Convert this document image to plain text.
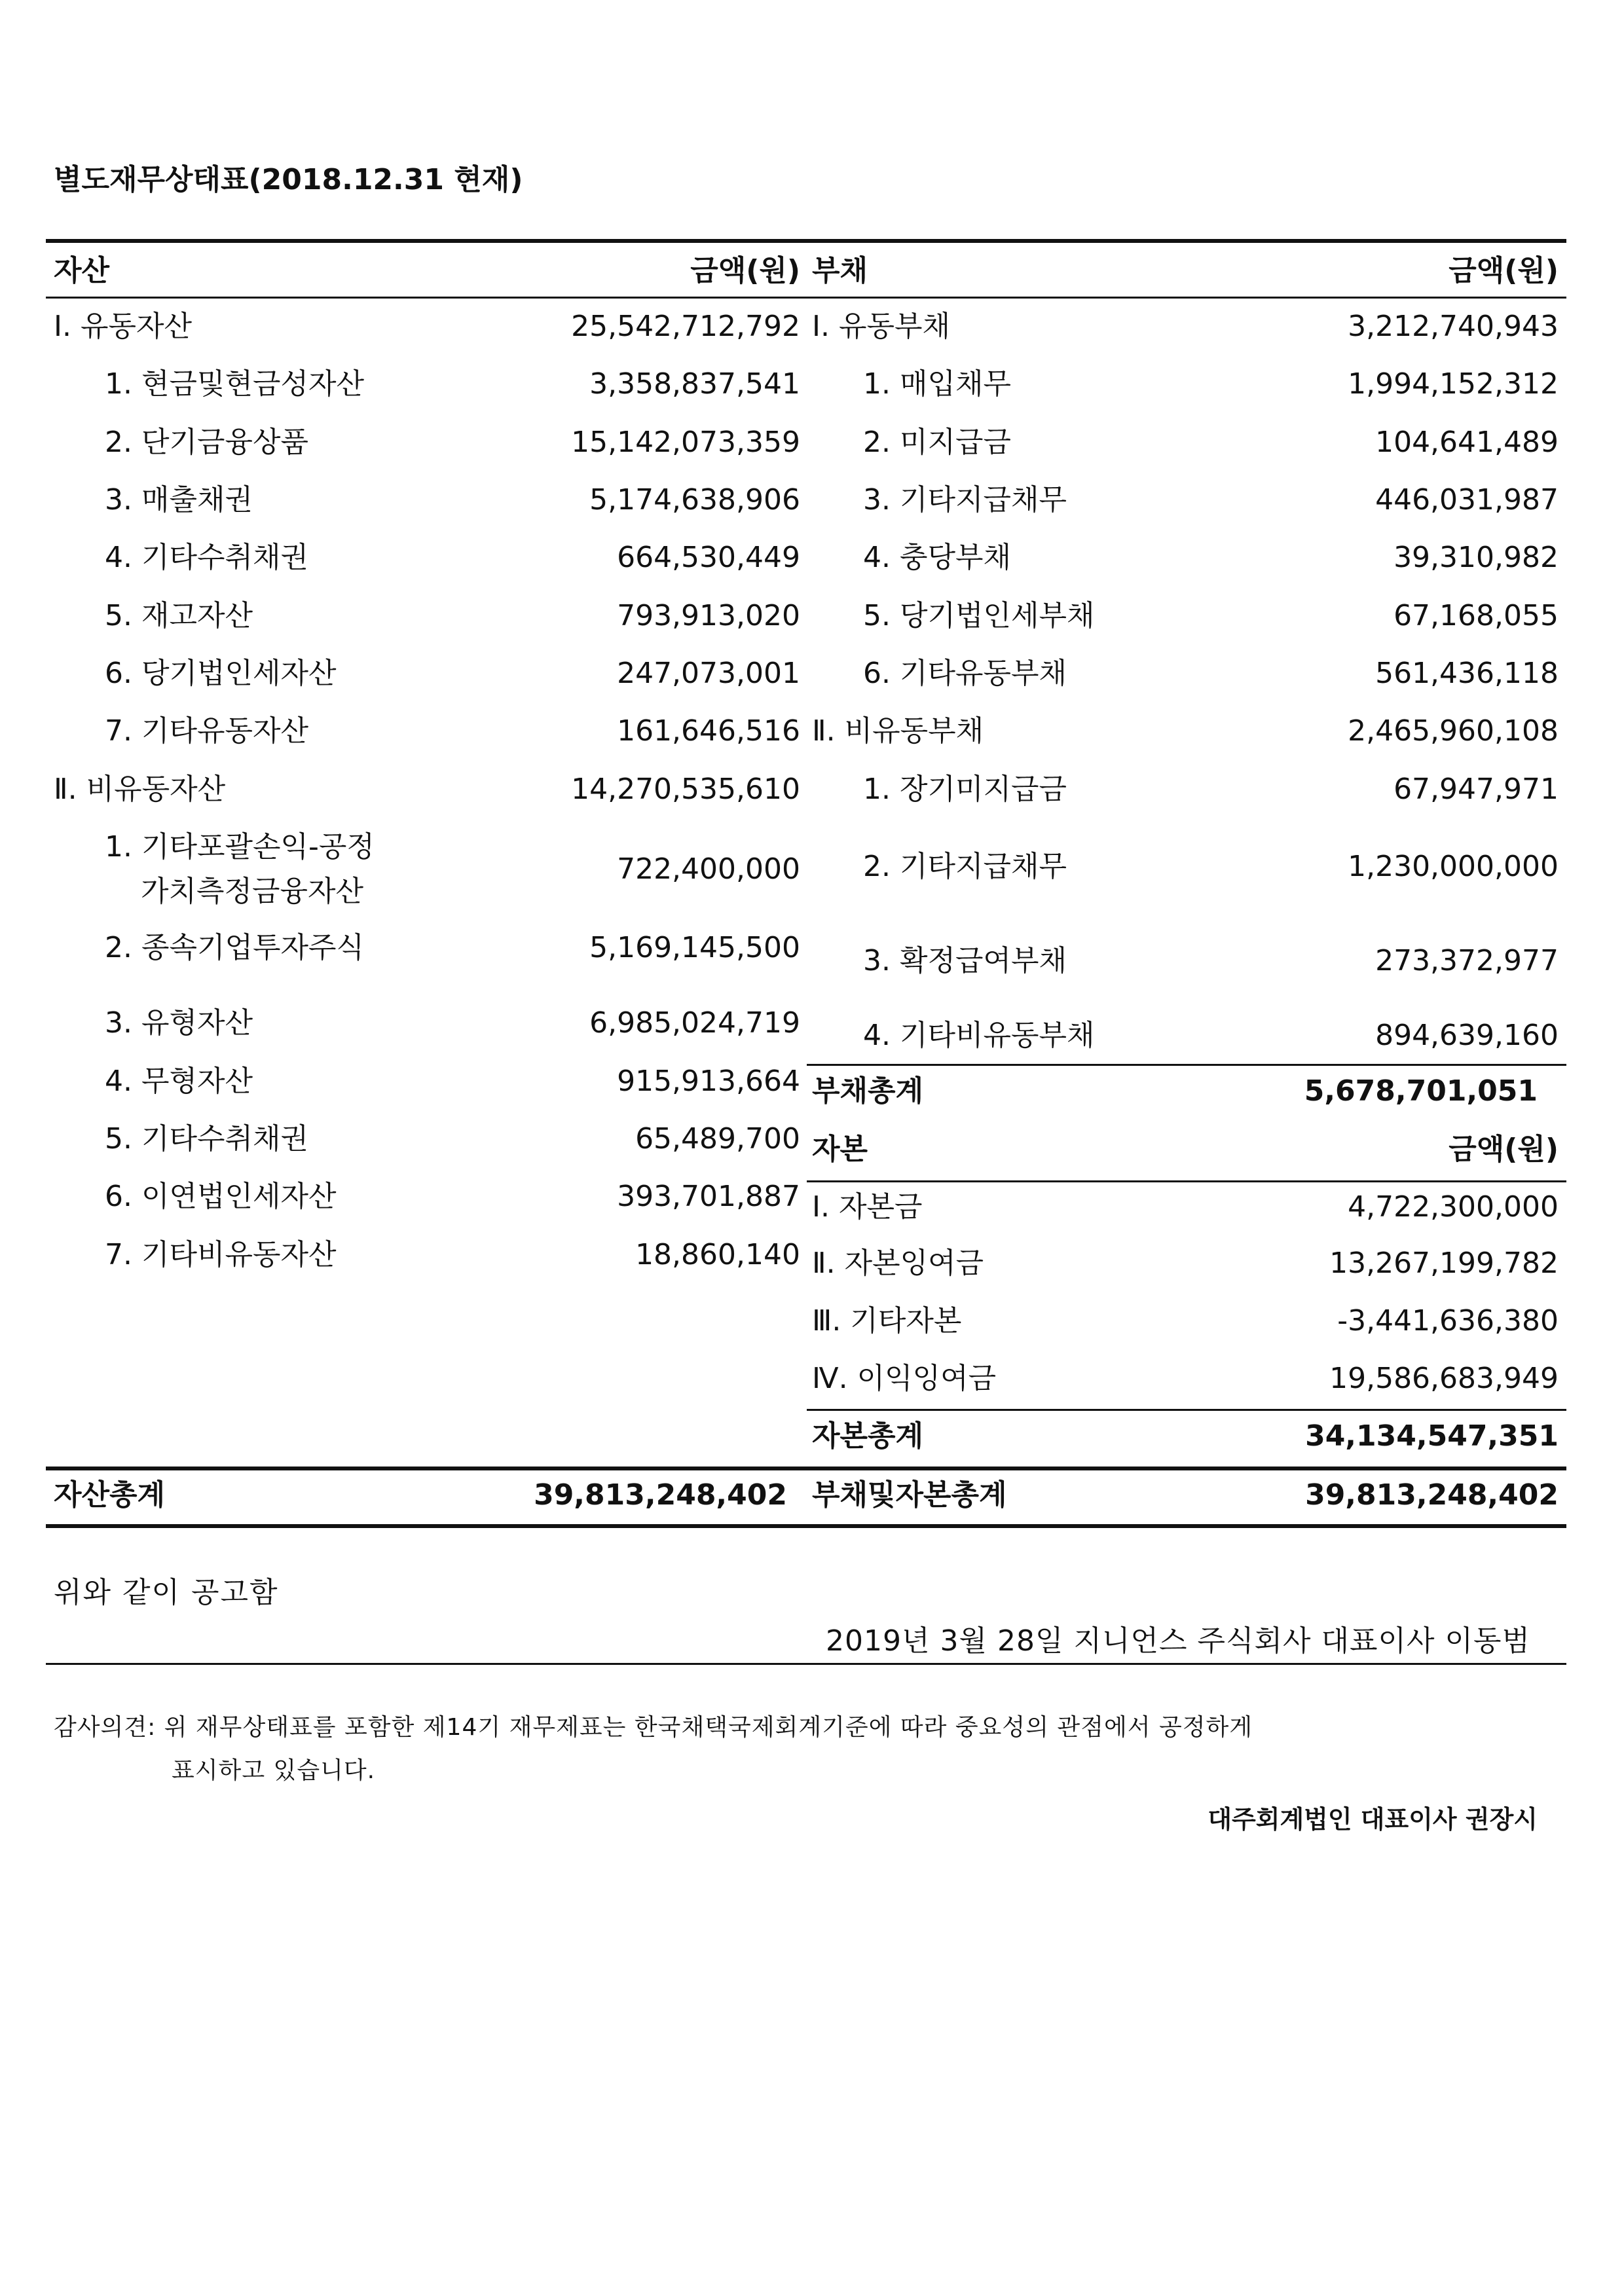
별도재무상태표(2018.12.31 현재)
자산	금액(원) 부채	금액(원)
Ⅰ. 유동자산	25,542,712,792
1. 현금및현금성자산	3,358,837,541
2. 단기금융상품	15,142,073,359
3. 매출채권	5,174,638,906
4. 기타수취채권	664,530,449
5. 재고자산	793,913,020
6. 당기법인세자산	247,073,001
7. 기타유동자산	161,646,516
Ⅱ. 비유동자산	14,270,535,610
1. 기타포괄손익-공정
가치측정금융자산
722,400,000
2. 종속기업투자주식	5,169,145,500
3. 유형자산	6,985,024,719
4. 무형자산	915,913,664
5. 기타수취채권	65,489,700
6. 이연법인세자산	393,701,887
7. 기타비유동자산	18,860,140
Ⅰ. 유동부채	3,212,740,943
1. 매입채무	1,994,152,312
2. 미지급금	104,641,489
3. 기타지급채무	446,031,987
4. 충당부채	39,310,982
5. 당기법인세부채	67,168,055
6. 기타유동부채	561,436,118
Ⅱ. 비유동부채	2,465,960,108
1. 장기미지급금	67,947,971
2. 기타지급채무	1,230,000,000
3. 확정급여부채	273,372,977
4. 기타비유동부채	894,639,160
부채총계	5,678,701,051
자본	금액(원)
Ⅰ. 자본금	4,722,300,000
Ⅱ. 자본잉여금	13,267,199,782
Ⅲ. 기타자본	-3,441,636,380
Ⅳ. 이익잉여금	19,586,683,949
자본총계	34,134,547,351
자산총계	39,813,248,402 부채및자본총계	39,813,248,402
위와 같이 공고함
2019년 3월 28일 지니언스 주식회사 대표이사 이동범
감사의견: 위 재무상태표를 포함한 제14기 재무제표는 한국채택국제회계기준에 따라 중요성의 관점에서 공정하게
표시하고 있습니다.
대주회계법인 대표이사 권장시
